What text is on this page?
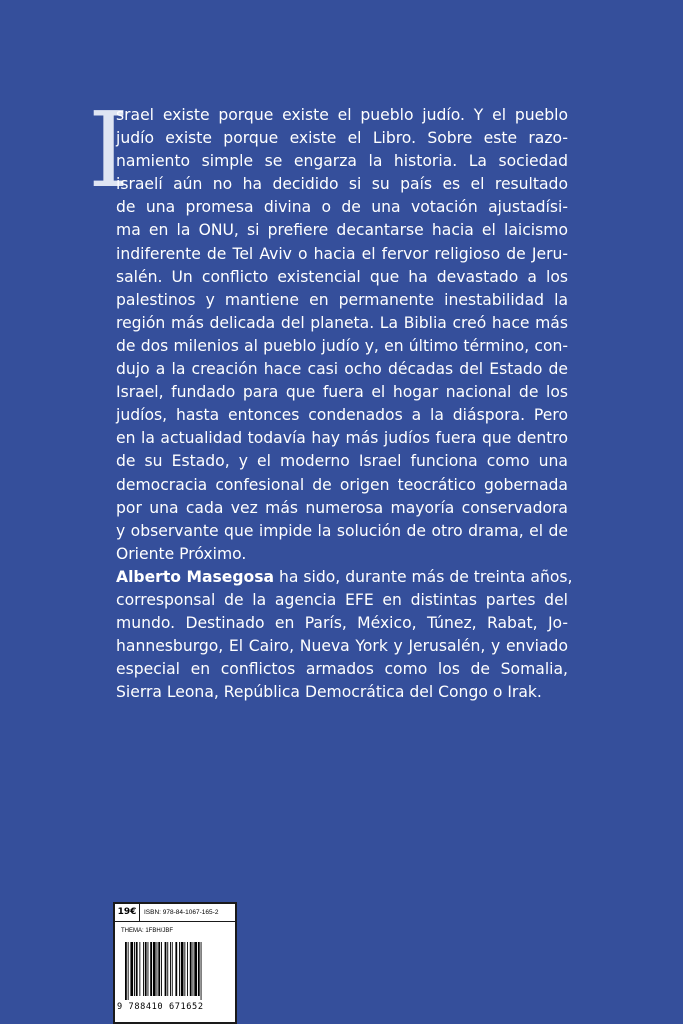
I
srael existe porque existe el pueblo judío. Y el pueblo
judío existe porque existe el Libro. Sobre este razo-
namiento simple se engarza la historia. La sociedad
israelí aún no ha decidido si su país es el resultado
de una promesa divina o de una votación ajustadísi-
ma en la ONU, si prefiere decantarse hacia el laicismo
indiferente de Tel Aviv o hacia el fervor religioso de Jeru-
salén. Un conflicto existencial que ha devastado a los
palestinos y mantiene en permanente inestabilidad la
región más delicada del planeta. La Biblia creó hace más
de dos milenios al pueblo judío y, en último término, con-
dujo a la creación hace casi ocho décadas del Estado de
Israel, fundado para que fuera el hogar nacional de los
judíos, hasta entonces condenados a la diáspora. Pero
en la actualidad todavía hay más judíos fuera que dentro
de su Estado, y el moderno Israel funciona como una
democracia confesional de origen teocrático gobernada
por una cada vez más numerosa mayoría conservadora
y observante que impide la solución de otro drama, el de
Oriente Próximo.
Alberto Masegosa ha sido, durante más de treinta años,
corresponsal de la agencia EFE en distintas partes del
mundo. Destinado en París, México, Túnez, Rabat, Jo-
hannesburgo, El Cairo, Nueva York y Jerusalén, y enviado
especial en conflictos armados como los de Somalia,
Sierra Leona, República Democrática del Congo o Irak.
19€	ISBN: 978-84-1067-165-2
THEMA: 1FBH/JBF
9 788410 671652
